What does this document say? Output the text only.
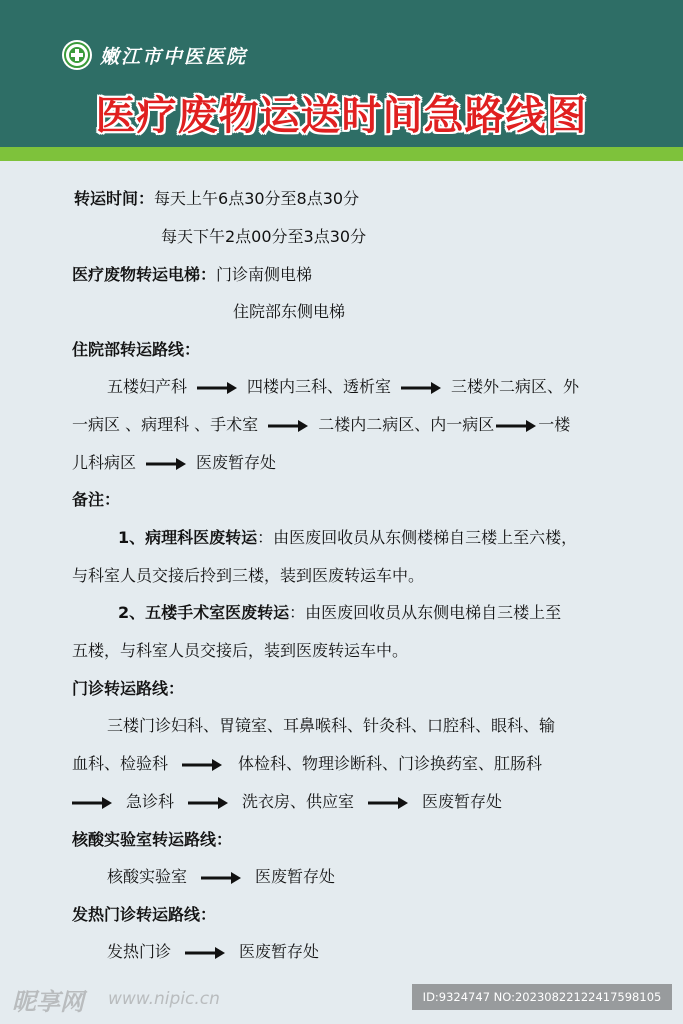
嫩江市中医医院
医疗废物运送时间急路线图
转运时间：每天上午6点30分至8点30分
每天下午2点00分至3点30分
医疗废物转运电梯：门诊南侧电梯
住院部东侧电梯
住院部转运路线：
五楼妇产科	四楼内三科、透析室	三楼外二病区、外
一病区 、病理科 、手术室	二楼内二病区、内一病区	一楼
儿科病区	医废暂存处
备注：
1、病理科医废转运：由医废回收员从东侧楼梯自三楼上至六楼，
与科室人员交接后拎到三楼，装到医废转运车中。
2、五楼手术室医废转运：由医废回收员从东侧电梯自三楼上至
五楼，与科室人员交接后，装到医废转运车中。
门诊转运路线：
三楼门诊妇科、胃镜室、耳鼻喉科、针灸科、口腔科、眼科、输
血科、检验科	体检科、物理诊断科、门诊换药室、肛肠科
急诊科	洗衣房、供应室	医废暂存处
核酸实验室转运路线：
核酸实验室	医废暂存处
发热门诊转运路线：
发热门诊	医废暂存处
昵享网 www.nipic.cn	ID:9324747 NO:20230822122417598105
